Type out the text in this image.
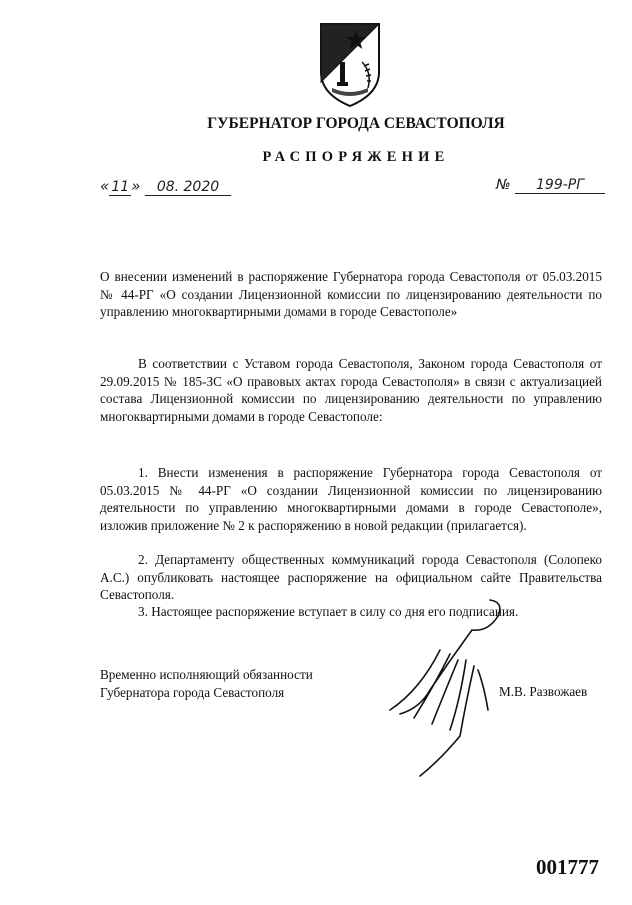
ГУБЕРНАТОР ГОРОДА СЕВАСТОПОЛЯ
РАСПОРЯЖЕНИЕ
« 11 » 08. 2020	№ 199-РГ
О внесении изменений в распоряжение Губернатора города Севастополя от 05.03.2015 № 44-РГ «О создании Лицензионной комиссии по лицензированию деятельности по управлению многоквартирными домами в городе Севастополе»
В соответствии с Уставом города Севастополя, Законом города Севастополя от 29.09.2015 № 185-ЗС «О правовых актах города Севастополя» в связи с актуализацией состава Лицензионной комиссии по лицензированию деятельности по управлению многоквартирными домами в городе Севастополе:
1. Внести изменения в распоряжение Губернатора города Севастополя от 05.03.2015 № 44-РГ «О создании Лицензионной комиссии по лицензированию деятельности по управлению многоквартирными домами в городе Севастополе», изложив приложение № 2 к распоряжению в новой редакции (прилагается).
2. Департаменту общественных коммуникаций города Севастополя (Солопеко А.С.) опубликовать настоящее распоряжение на официальном сайте Правительства Севастополя.
3. Настоящее распоряжение вступает в силу со дня его подписания.
Временно исполняющий обязанности
Губернатора города Севастополя	М.В. Развожаев
001777
